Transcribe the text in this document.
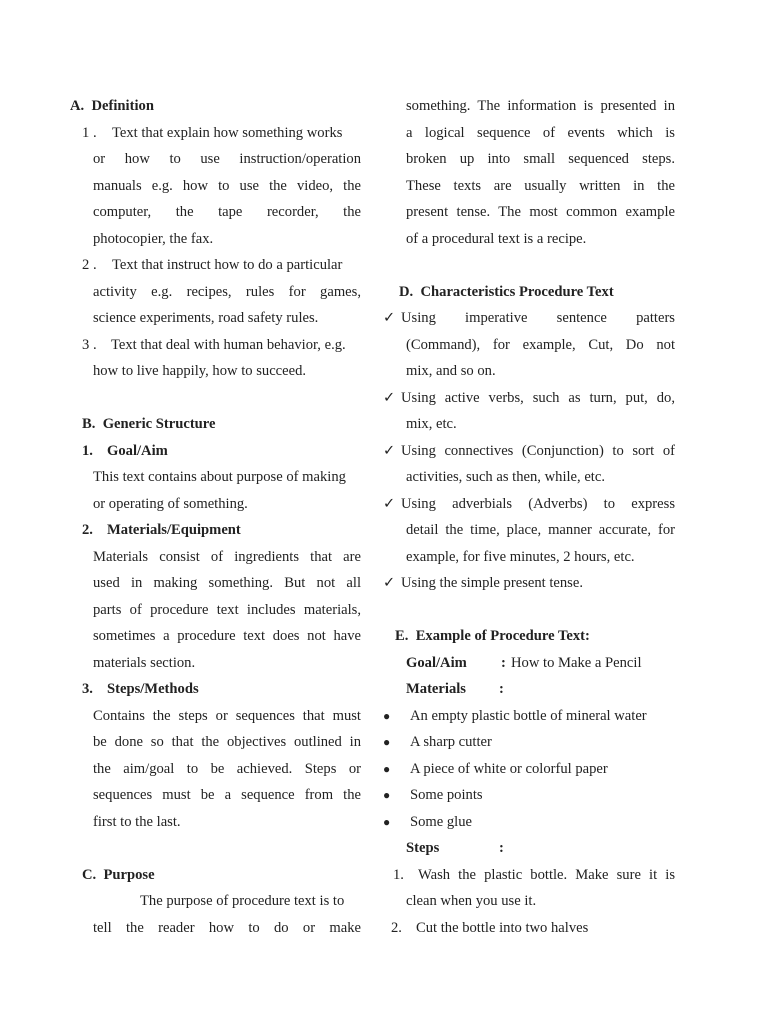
A. Definition
1 . Text that explain how something works
or how to use instruction/operation
manuals e.g. how to use the video, the
computer, the tape recorder, the
photocopier, the fax.
2 . Text that instruct how to do a particular
activity e.g. recipes, rules for games,
science experiments, road safety rules.
3 . Text that deal with human behavior, e.g.
how to live happily, how to succeed.
B. Generic Structure
1. Goal/Aim
This text contains about purpose of making
or operating of something.
2. Materials/Equipment
Materials consist of ingredients that are
used in making something. But not all
parts of procedure text includes materials,
sometimes a procedure text does not have
materials section.
3. Steps/Methods
Contains the steps or sequences that must
be done so that the objectives outlined in
the aim/goal to be achieved. Steps or
sequences must be a sequence from the
first to the last.
C. Purpose
The purpose of procedure text is to
tell the reader how to do or make
something. The information is presented in
a logical sequence of events which is
broken up into small sequenced steps.
These texts are usually written in the
present tense. The most common example
of a procedural text is a recipe.
D. Characteristics Procedure Text
✓ Using imperative sentence patters
(Command), for example, Cut, Do not
mix, and so on.
✓ Using active verbs, such as turn, put, do,
mix, etc.
✓ Using connectives (Conjunction) to sort of
activities, such as then, while, etc.
✓ Using adverbials (Adverbs) to express
detail the time, place, manner accurate, for
example, for five minutes, 2 hours, etc.
✓ Using the simple present tense.
E. Example of Procedure Text:
Goal/Aim : How to Make a Pencil
Materials :
● An empty plastic bottle of mineral water
● A sharp cutter
● A piece of white or colorful paper
● Some points
● Some glue
Steps	:
1. Wash the plastic bottle. Make sure it is
clean when you use it.
2. Cut the bottle into two halves
